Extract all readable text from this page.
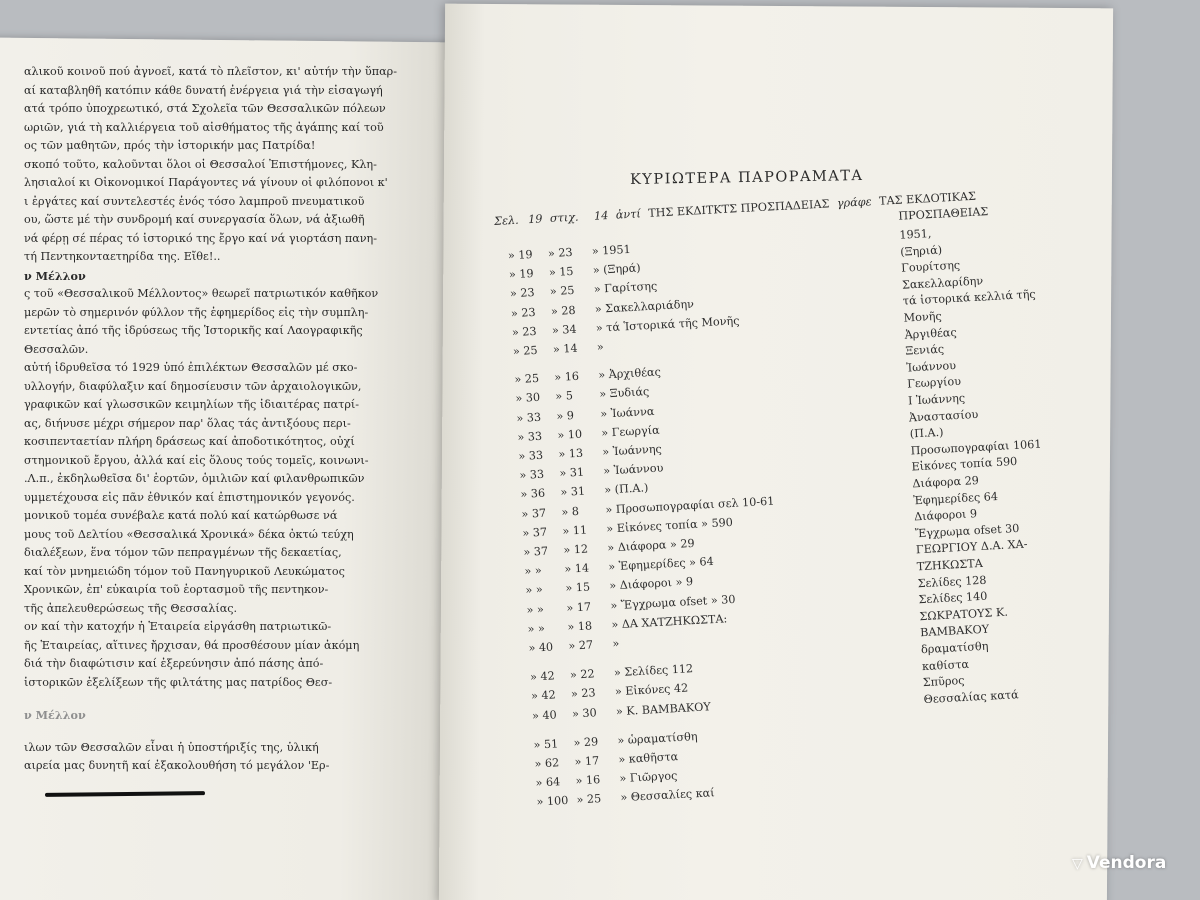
αλικοῦ κοινοῦ πού ἀγνοεῖ, κατά τὸ πλεῖστον, κι' αὐτήν τὴν ὕπαρ-
αί καταβληθῆ κατόπιν κάθε δυνατή ἐνέργεια γιά τὴν εἰσαγωγή
ατά τρόπο ὑποχρεωτικό, στά Σχολεῖα τῶν Θεσσαλικῶν πόλεων
ωριῶν, γιά τὴ καλλιέργεια τοῦ αἰσθήματος τῆς ἀγάπης καί τοῦ
ος τῶν μαθητῶν, πρός τὴν ἱστορικήν μας Πατρίδα!
σκοπό τοῦτο, καλοῦνται ὅλοι οἱ Θεσσαλοί Ἐπιστήμονες, Κλη-
λησιαλοί κι Οἰκονομικοί Παράγοντες νά γίνουν οἱ φιλόπονοι κ'
ι ἐργάτες καί συντελεστές ἑνός τόσο λαμπροῦ πνευματικοῦ
ου, ὥστε μέ τὴν συνδρομή καί συνεργασία ὅλων, νά ἀξιωθῆ
νά φέρῃ σέ πέρας τό ἱστορικό της ἔργο καί νά γιορτάση πανη-
τή Πεντηκονταετηρίδα της. Εἴθε!..
ν Μέλλον
ς τοῦ «Θεσσαλικοῦ Μέλλοντος» θεωρεῖ πατριωτικόν καθῆκον
μερῶν τὸ σημερινόν φύλλον τῆς ἐφημερίδος εἰς τὴν συμπλη-
εντετίας ἀπό τῆς ἱδρύσεως τῆς Ἱστορικῆς καί Λαογραφικῆς
Θεσσαλῶν.
αὐτή ἱδρυθεῖσα τό 1929 ὑπό ἐπιλέκτων Θεσσαλῶν μέ σκο-
υλλογήν, διαφύλαξιν καί δημοσίευσιν τῶν ἀρχαιολογικῶν,
γραφικῶν καί γλωσσικῶν κειμηλίων τῆς ἰδιαιτέρας πατρί-
ας, διήνυσε μέχρι σήμερον παρ' ὅλας τάς ἀντιξόους περι-
κοσιπενταετίαν πλήρη δράσεως καί ἀποδοτικότητος, οὐχί
στημονικοῦ ἔργου, ἀλλά καί εἰς ὅλους τούς τομεῖς, κοινωνι-
.Λ.π., ἐκδηλωθεῖσα δι' ἑορτῶν, ὁμιλιῶν καί φιλανθρωπικῶν
υμμετέχουσα εἰς πᾶν ἐθνικόν καί ἐπιστημονικόν γεγονός.
μονικοῦ τομέα συνέβαλε κατά πολύ καί κατώρθωσε νά
μους τοῦ Δελτίου «Θεσσαλικά Χρονικά» δέκα ὀκτώ τεύχη
διαλέξεων, ἕνα τόμον τῶν πεπραγμένων τῆς δεκαετίας,
καί τὸν μνημειώδη τόμον τοῦ Πανηγυρικοῦ Λευκώματος
Χρονικῶν, ἐπ' εὐκαιρία τοῦ ἑορτασμοῦ τῆς πεντηκον-
τῆς ἀπελευθερώσεως τῆς Θεσσαλίας.
ον καί τὴν κατοχήν ἡ Ἑταιρεία εἰργάσθη πατριωτικῶ-
ῆς Ἑταιρείας, αἵτινες ἤρχισαν, θά προσθέσουν μίαν ἀκόμη
διά τὴν διαφώτισιν καί ἐξερεύνησιν ἀπό πάσης ἀπό-
ἱστορικῶν ἐξελίξεων τῆς φιλτάτης μας πατρίδος Θεσ-
ν Μέλλον
ιλων τῶν Θεσσαλῶν εἶναι ἡ ὑποστήριξίς της, ὑλική
αιρεία μας δυνητῆ καί ἐξακολουθήση τό μεγάλον 'Ερ-
ΚΥΡΙΩΤΕΡΑ ΠΑΡΟΡΑΜΑΤΑ
Σελ. 19 στιχ. 14 ἀντί ΤΗΣ ΕΚΔΙΤΚΤΣ ΠΡΟΣΠΑΔΕΙΑΣ γράφε ΤΑΣ ΕΚΔΟΤΙΚΑΣ
ΠΡΟΣΠΑΘΕΙΑΣ
» 19 » 23 » 1951
1951,
» 19 » 15 » (Ξηρά)
(Ξηριά)
» 23 » 25 » Γαρίτσης
Γουρίτσης
» 23 » 28 » Σακελλαριάδην
Σακελλαρίδην
» 23 » 34 » τά Ἱστορικά τῆς Μονῆς
τά ἱστορικά κελλιά τῆς
Μονῆς
» 25 » 14 »
Ἀργιθέας
» 25 » 16 » Ἀρχιθέας
Ξενιάς
» 30 » 5 » Ξυδιάς
Ἰωάννου
» 33 » 9 » Ἰωάννα
Γεωργίου
» 33 » 10 » Γεωργία
Ι Ἰωάννης
» 33 » 13 » Ἰωάννης
Ἀναστασίου
» 33 » 31 » Ἰωάννου
(Π.Α.)
» 36 » 31 » (Π.Α.)
Προσωπογραφίαι 1061
» 37 » 8 » Προσωπογραφίαι σελ 10-61
Εἰκόνες τοπία 590
» 37 » 11 » Εἰκόνες τοπία » 590
Διάφορα 29
» 37 » 12 » Διάφορα » 29
Ἐφημερίδες 64
» » » 14 » Ἐφημερίδες » 64
Διάφοροι 9
» » » 15 » Διάφοροι » 9
Ἔγχρωμα ofset 30
» » » 17 » Ἔγχρωμα ofset » 30
ΓΕΩΡΓΙΟΥ Δ.Α. ΧΑ-
ΤΖΗΚΩΣΤΑ
» » » 18 » ΔΑ ΧΑΤΖΗΚΩΣΤΑ:
Σελίδες 128
» 40 » 27 »
Σελίδες 140
» 42 » 22 » Σελίδες 112
ΣΩΚΡΑΤΟΥΣ Κ.
ΒΑΜΒΑΚΟΥ
» 42 » 23 » Εἰκόνες 42
δραματίσθη
» 40 » 30 » Κ. ΒΑΜΒΑΚΟΥ
καθίστα
» 51 » 29 » ὡραματίσθη
Σπῦρος
» 62 » 17 » καθῆστα
Θεσσαλίας κατά
» 64 » 16 » Γιῶργος
» 100 » 25 » Θεσσαλίες καί
▽ Vendora
